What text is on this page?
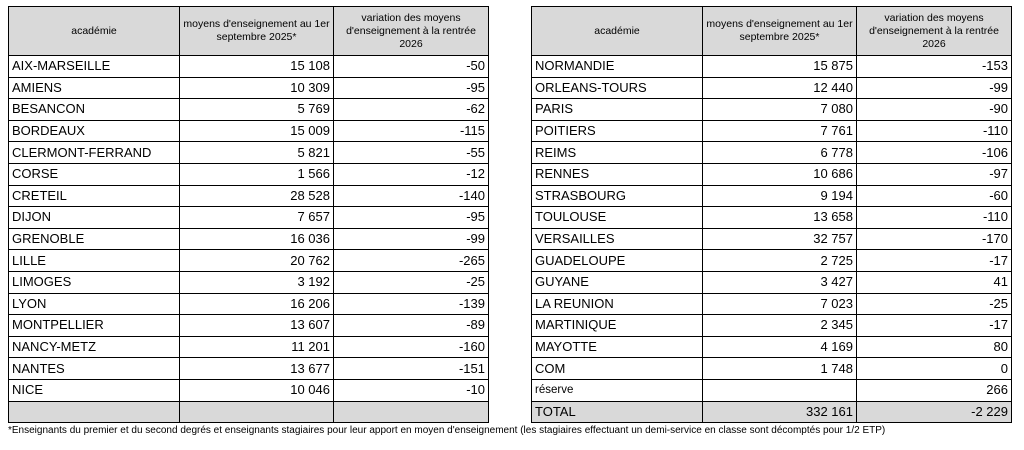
académie	moyens d'enseignement au 1er septembre 2025*	variation des moyens d'enseignement à la rentrée 2026
AIX-MARSEILLE	15 108	-50
AMIENS	10 309	-95
BESANCON	5 769	-62
BORDEAUX	15 009	-115
CLERMONT-FERRAND	5 821	-55
CORSE	1 566	-12
CRETEIL	28 528	-140
DIJON	7 657	-95
GRENOBLE	16 036	-99
LILLE	20 762	-265
LIMOGES	3 192	-25
LYON	16 206	-139
MONTPELLIER	13 607	-89
NANCY-METZ	11 201	-160
NANTES	13 677	-151
NICE	10 046	-10

académie	moyens d'enseignement au 1er septembre 2025*	variation des moyens d'enseignement à la rentrée 2026
NORMANDIE	15 875	-153
ORLEANS-TOURS	12 440	-99
PARIS	7 080	-90
POITIERS	7 761	-110
REIMS	6 778	-106
RENNES	10 686	-97
STRASBOURG	9 194	-60
TOULOUSE	13 658	-110
VERSAILLES	32 757	-170
GUADELOUPE	2 725	-17
GUYANE	3 427	41
LA REUNION	7 023	-25
MARTINIQUE	2 345	-17
MAYOTTE	4 169	80
COM	1 748	0
réserve		266
TOTAL	332 161	-2 229
*Enseignants du premier et du second degrés et enseignants stagiaires pour leur apport en moyen d'enseignement (les stagiaires effectuant un demi-service en classe sont décomptés pour 1/2 ETP)
